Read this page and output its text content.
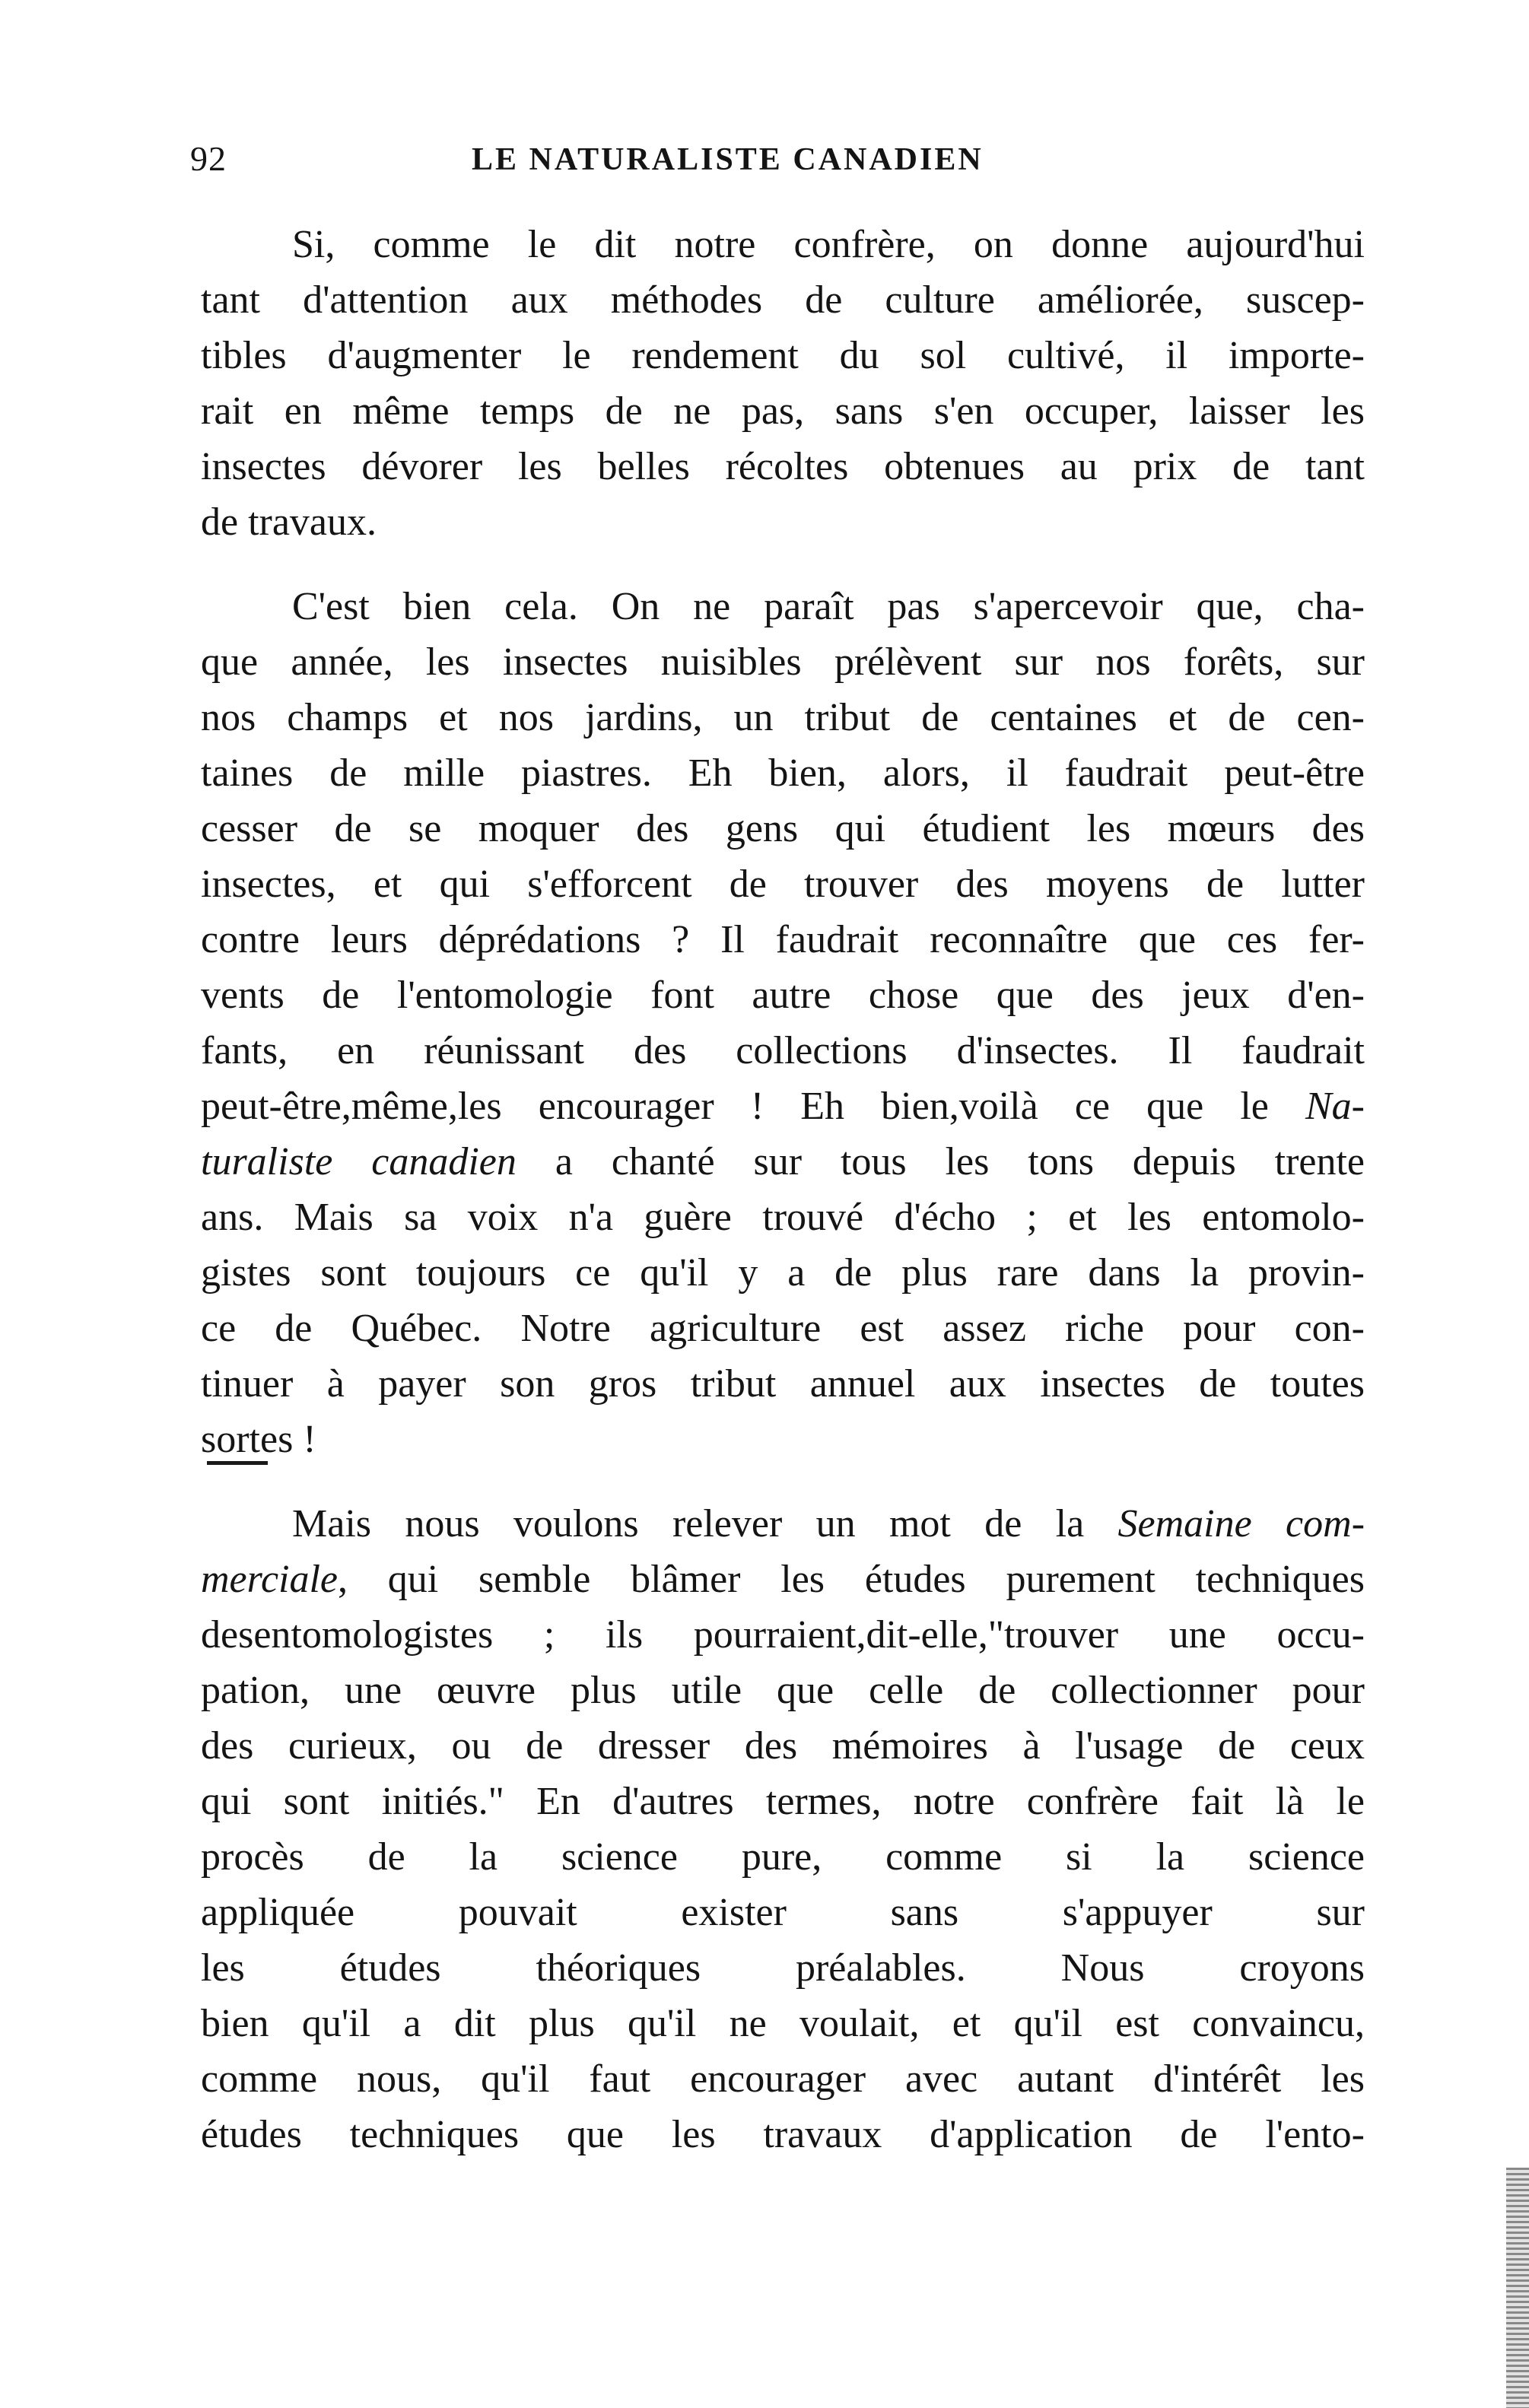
92	LE NATURALISTE CANADIEN

Si, comme le dit notre confrère, on donne aujourd'hui
tant d'attention aux méthodes de culture améliorée, suscep-
tibles d'augmenter le rendement du sol cultivé, il importe-
rait en même temps de ne pas, sans s'en occuper, laisser les
insectes dévorer les belles récoltes obtenues au prix de tant
de travaux.

C'est bien cela. On ne paraît pas s'apercevoir que, cha-
que année, les insectes nuisibles prélèvent sur nos forêts, sur
nos champs et nos jardins, un tribut de centaines et de cen-
taines de mille piastres. Eh bien, alors, il faudrait peut-être
cesser de se moquer des gens qui étudient les mœurs des
insectes, et qui s'efforcent de trouver des moyens de lutter
contre leurs déprédations ? Il faudrait reconnaître que ces fer-
vents de l'entomologie font autre chose que des jeux d'en-
fants, en réunissant des collections d'insectes. Il faudrait
peut-être,même,les encourager ! Eh bien,voilà ce que le Na-
turaliste canadien a chanté sur tous les tons depuis trente
ans. Mais sa voix n'a guère trouvé d'écho ; et les entomolo-
gistes sont toujours ce qu'il y a de plus rare dans la provin-
ce de Québec. Notre agriculture est assez riche pour con-
tinuer à payer son gros tribut annuel aux insectes de toutes
sortes !

Mais nous voulons relever un mot de la Semaine com-
merciale, qui semble blâmer les études purement techniques
desentomologistes ; ils pourraient,dit-elle,"trouver une occu-
pation, une œuvre plus utile que celle de collectionner pour
des curieux, ou de dresser des mémoires à l'usage de ceux
qui sont initiés." En d'autres termes, notre confrère fait là le
procès de la science pure, comme si la science
appliquée pouvait exister sans s'appuyer sur
les études théoriques préalables. Nous croyons
bien qu'il a dit plus qu'il ne voulait, et qu'il est convaincu,
comme nous, qu'il faut encourager avec autant d'intérêt les
études techniques que les travaux d'application de l'ento-
